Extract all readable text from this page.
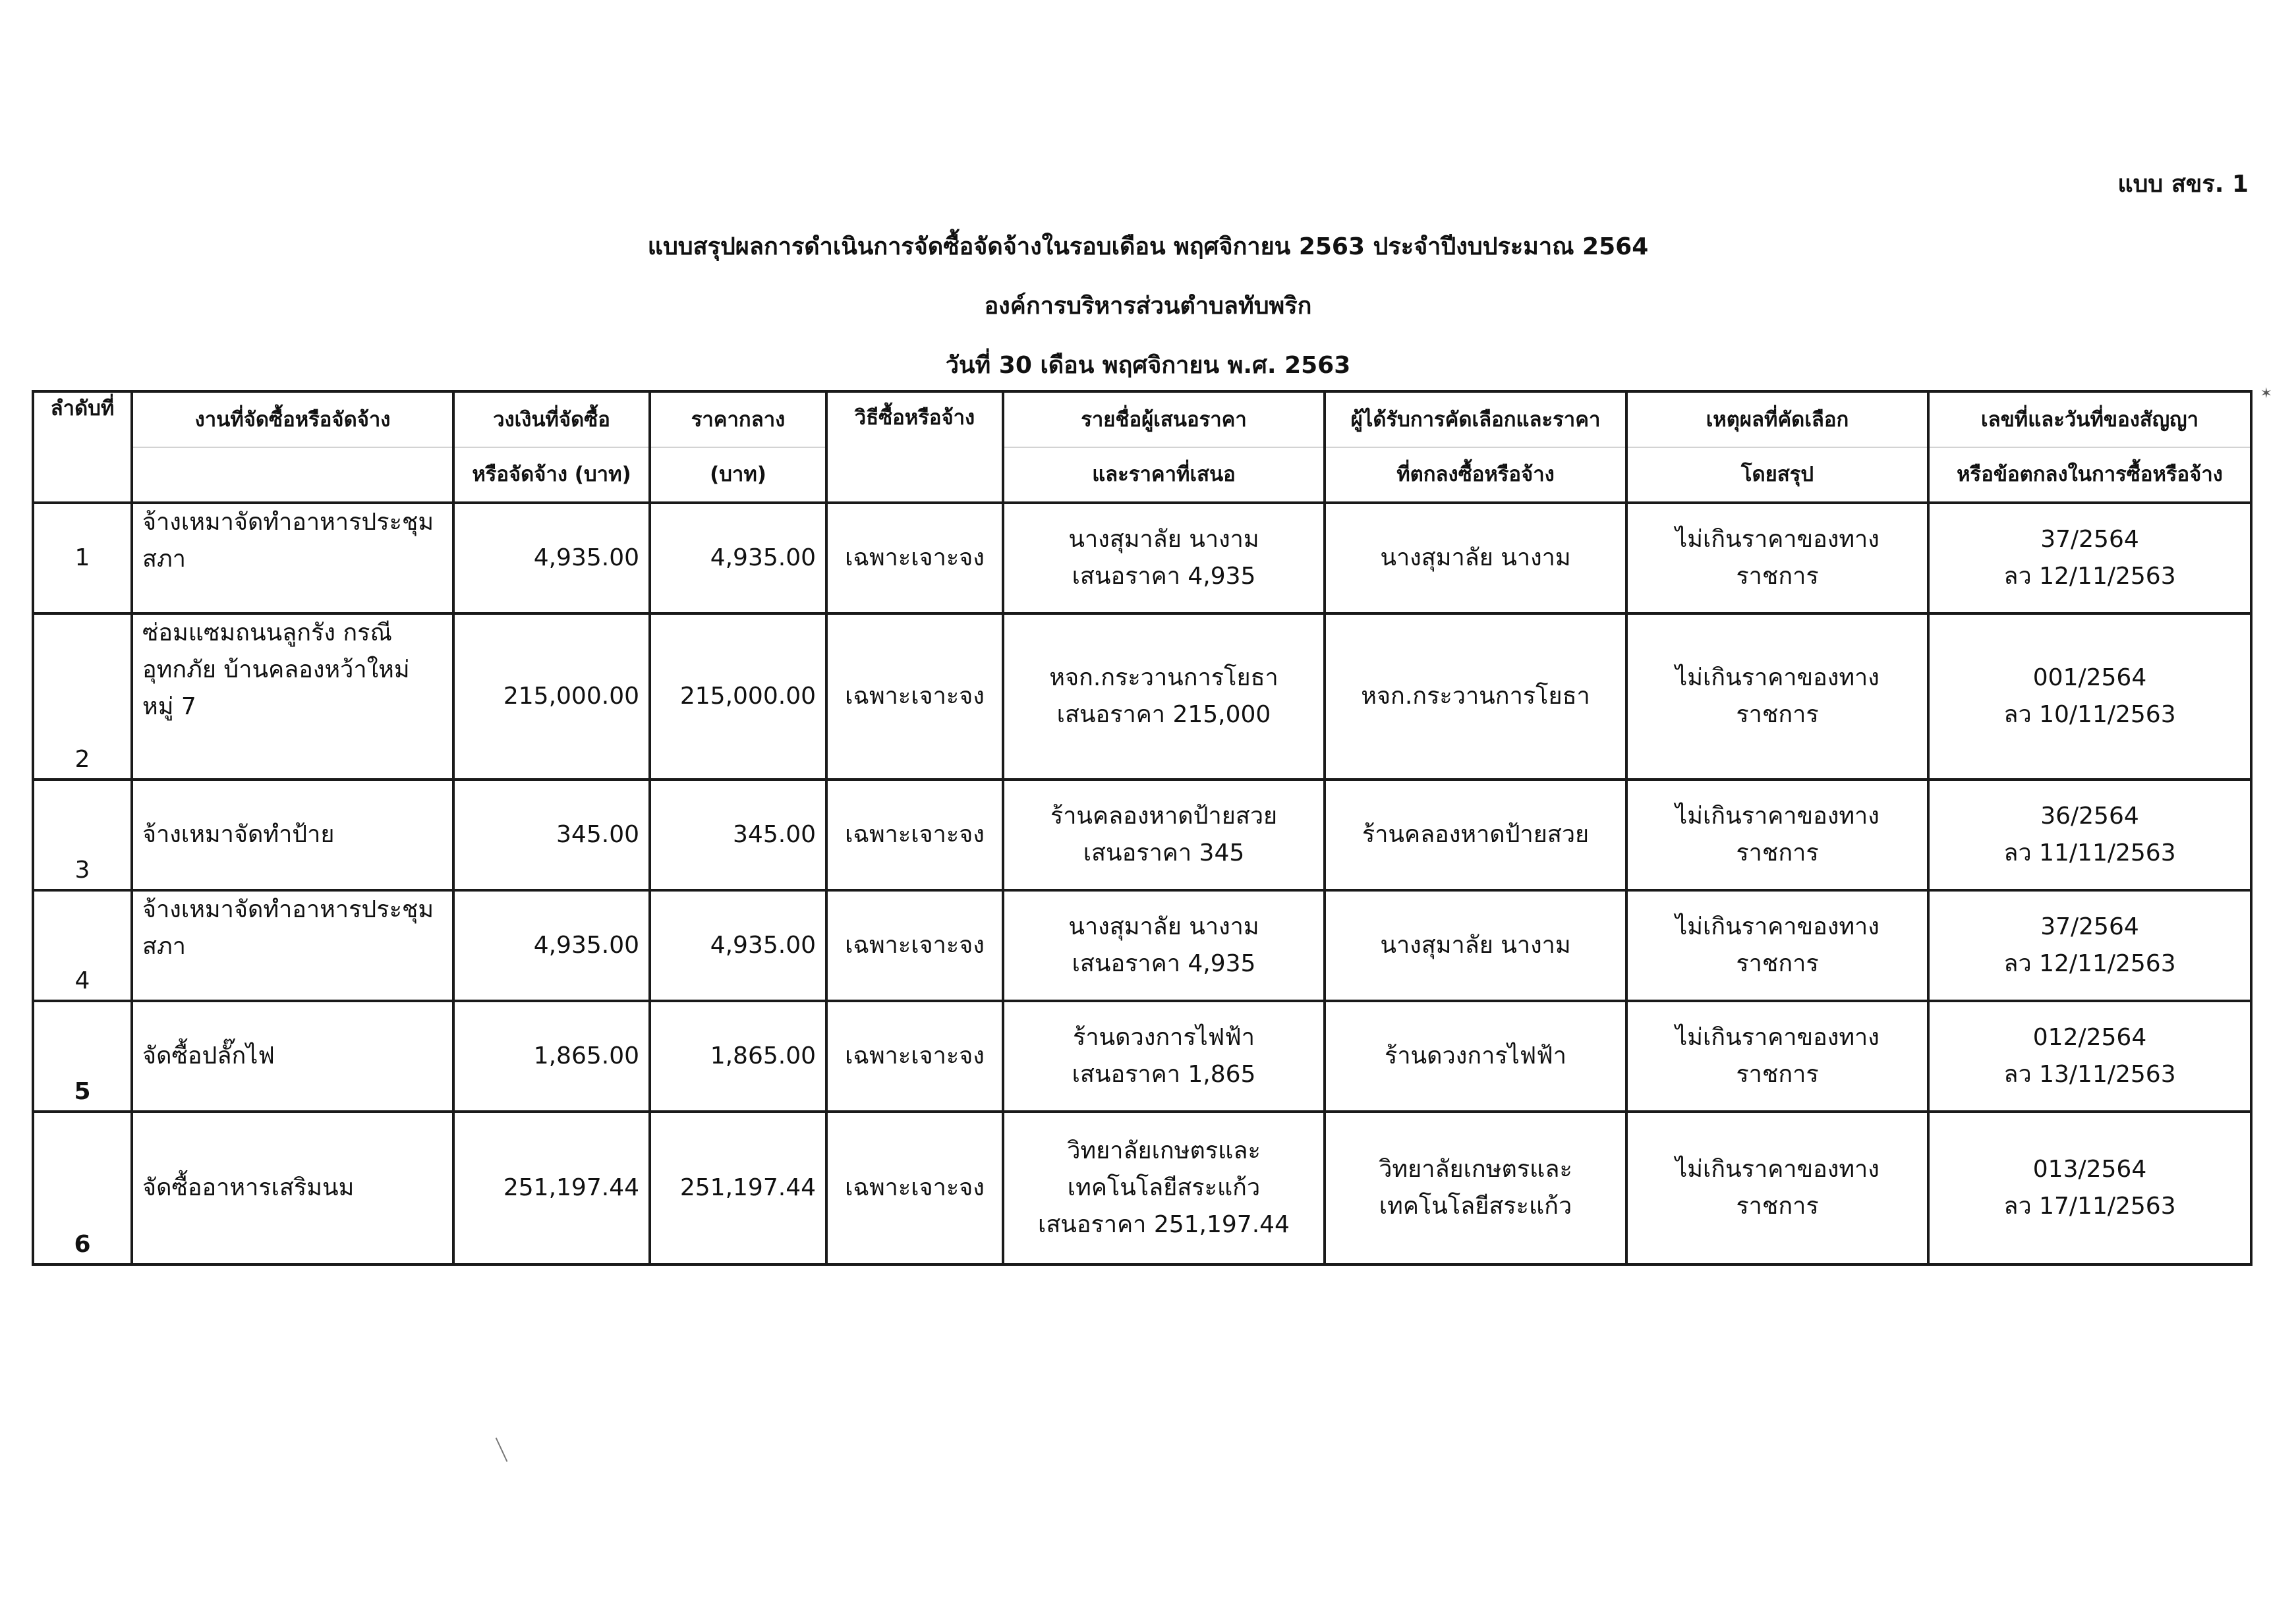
แบบ สขร. 1
แบบสรุปผลการดำเนินการจัดซื้อจัดจ้างในรอบเดือน พฤศจิกายน 2563 ประจำปีงบประมาณ 2564
องค์การบริหารส่วนตำบลทับพริก
วันที่ 30 เดือน พฤศจิกายน พ.ศ. 2563
✶
ลำดับที่	งานที่จัดซื้อหรือจัดจ้าง	วงเงินที่จัดซื้อ	ราคากลาง	วิธีซื้อหรือจ้าง	รายชื่อผู้เสนอราคา	ผู้ได้รับการคัดเลือกและราคา	เหตุผลที่คัดเลือก	เลขที่และวันที่ของสัญญา
		หรือจัดจ้าง (บาท)	(บาท)		และราคาที่เสนอ	ที่ตกลงซื้อหรือจ้าง	โดยสรุป	หรือข้อตกลงในการซื้อหรือจ้าง
1	จ้างเหมาจัดทำอาหารประชุม
สภา	4,935.00	4,935.00	เฉพาะเจาะจง	นางสุมาลัย นางาม
เสนอราคา 4,935	นางสุมาลัย นางาม	ไม่เกินราคาของทางราชการ	37/2564
ลว 12/11/2563

2	ซ่อมแซมถนนลูกรัง กรณี
อุทกภัย บ้านคลองหว้าใหม่
หมู่ 7	215,000.00	215,000.00	เฉพาะเจาะจง	หจก.กระวานการโยธา
เสนอราคา 215,000	หจก.กระวานการโยธา	ไม่เกินราคาของทางราชการ	001/2564
ลว 10/11/2563

3	จ้างเหมาจัดทำป้าย	345.00	345.00	เฉพาะเจาะจง	ร้านคลองหาดป้ายสวย
เสนอราคา 345	ร้านคลองหาดป้ายสวย	ไม่เกินราคาของทางราชการ	36/2564
ลว 11/11/2563

4	จ้างเหมาจัดทำอาหารประชุม
สภา	4,935.00	4,935.00	เฉพาะเจาะจง	นางสุมาลัย นางาม
เสนอราคา 4,935	นางสุมาลัย นางาม	ไม่เกินราคาของทางราชการ	37/2564
ลว 12/11/2563

5	จัดซื้อปลั๊กไฟ	1,865.00	1,865.00	เฉพาะเจาะจง	ร้านดวงการไฟฟ้า
เสนอราคา 1,865	ร้านดวงการไฟฟ้า	ไม่เกินราคาของทางราชการ	012/2564
ลว 13/11/2563

6	จัดซื้ออาหารเสริมนม	251,197.44	251,197.44	เฉพาะเจาะจง	วิทยาลัยเกษตรและ
เทคโนโลยีสระแก้ว
เสนอราคา 251,197.44	วิทยาลัยเกษตรและ
เทคโนโลยีสระแก้ว	ไม่เกินราคาของทางราชการ	013/2564
ลว 17/11/2563
